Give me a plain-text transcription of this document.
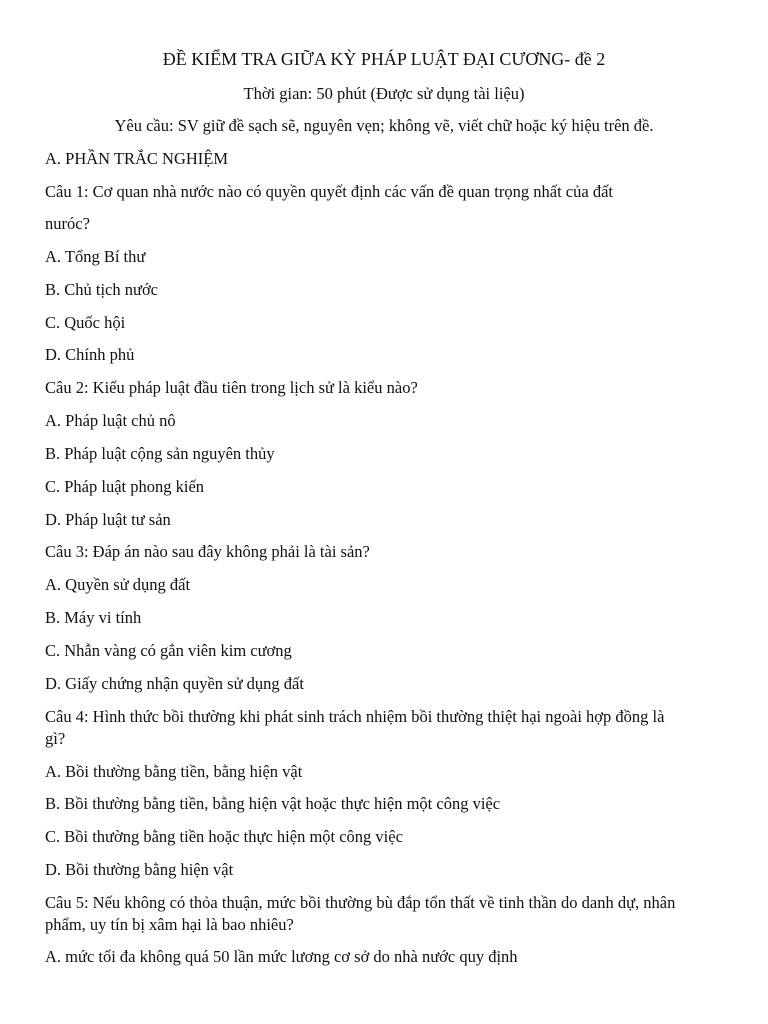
ĐỀ KIỂM TRA GIỮA KỲ PHÁP LUẬT ĐẠI CƯƠNG- đề 2
Thời gian: 50 phút (Được sử dụng tài liệu)
Yêu cầu: SV giữ đề sạch sẽ, nguyên vẹn; không vẽ, viết chữ hoặc ký hiệu trên đề.
A. PHẦN TRẮC NGHIỆM
Câu 1: Cơ quan nhà nước nào có quyền quyết định các vấn đề quan trọng nhất của đất
nuróc?
A. Tổng Bí thư
B. Chủ tịch nước
C. Quốc hội
D. Chính phủ
Câu 2: Kiểu pháp luật đầu tiên trong lịch sử là kiểu nào?
A. Pháp luật chủ nô
B. Pháp luật cộng sản nguyên thủy
C. Pháp luật phong kiến
D. Pháp luật tư sản
Câu 3: Đáp án nào sau đây không phải là tài sản?
A. Quyền sử dụng đất
B. Máy vi tính
C. Nhẫn vàng có gắn viên kim cương
D. Giấy chứng nhận quyền sử dụng đất
Câu 4: Hình thức bồi thường khi phát sinh trách nhiệm bồi thường thiệt hại ngoài hợp đồng là
gì?
A. Bồi thường bằng tiền, bằng hiện vật
B. Bồi thường bằng tiền, bằng hiện vật hoặc thực hiện một công việc
C. Bồi thường bằng tiền hoặc thực hiện một công việc
D. Bồi thường bằng hiện vật
Câu 5: Nếu không có thỏa thuận, mức bồi thường bù đắp tổn thất về tinh thần do danh dự, nhân
phẩm, uy tín bị xâm hại là bao nhiêu?
A. mức tối đa không quá 50 lần mức lương cơ sở do nhà nước quy định
